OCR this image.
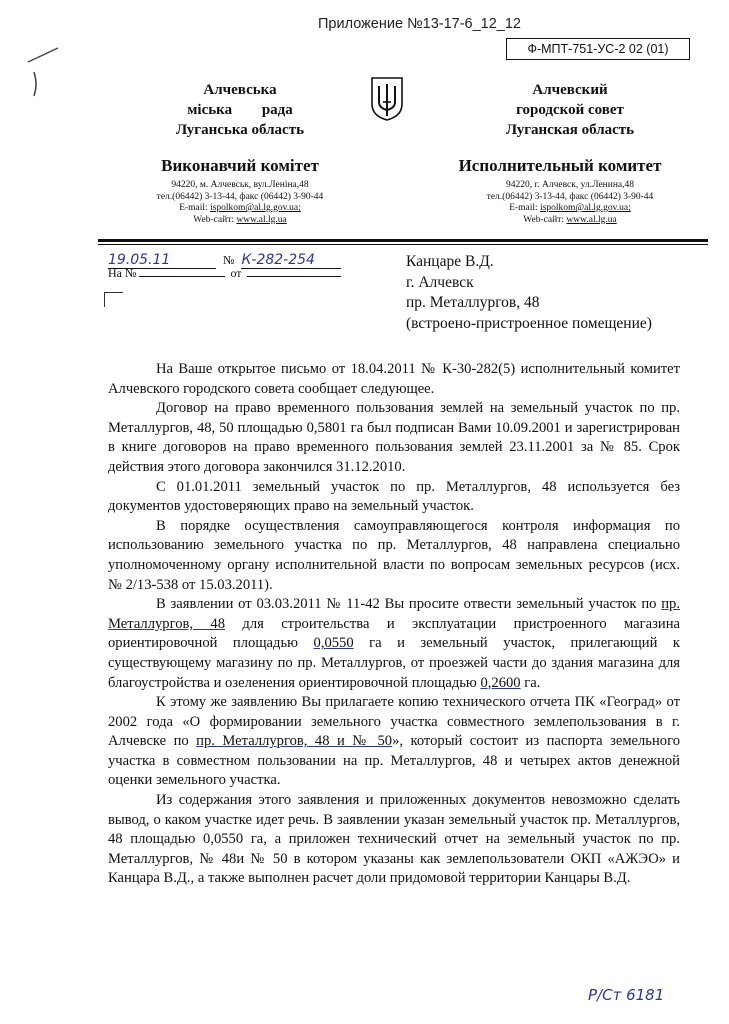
Приложение №13-17-6_12_12
Ф-МПТ-751-УС-2 02 (01)
Алчевська
міська рада
Луганська область
Алчевский
городской совет
Луганская область
Виконавчий комітет	Исполнительный комитет
94220, м. Алчевськ, вул.Леніна,48
тел.(06442) 3-13-44, факс (06442) 3-90-44
E-mail: ispolkom@al.lg.gov.ua;
Web-сайт: www.al.lg.ua
94220, г. Алчевск, ул.Ленина,48
тел.(06442) 3-13-44, факс (06442) 3-90-44
E-mail: ispolkom@al.lg.gov.ua;
Web-сайт: www.al.lg.ua
19.05.11	№ К-282-254
На №	от
Канцаре В.Д.
г. Алчевск
пр. Металлургов, 48
(встроено-пристроенное помещение)

На Ваше открытое письмо от 18.04.2011 № К-30-282(5) исполнительный комитет Алчевского городского совета сообщает следующее.

Договор на право временного пользования землей на земельный участок по пр. Металлургов, 48, 50 площадью 0,5801 га был подписан Вами 10.09.2001 и зарегистрирован в книге договоров на право временного пользования землей 23.11.2001 за № 85. Срок действия этого договора закончился 31.12.2010.

С 01.01.2011 земельный участок по пр. Металлургов, 48 используется без документов удостоверяющих право на земельный участок.

В порядке осуществления самоуправляющегося контроля информация по использованию земельного участка по пр. Металлургов, 48 направлена специально уполномоченному органу исполнительной власти по вопросам земельных ресурсов (исх. № 2/13-538 от 15.03.2011).

В заявлении от 03.03.2011 № 11-42 Вы просите отвести земельный участок по пр. Металлургов, 48 для строительства и эксплуатации пристроенного магазина ориентировочной площадью 0,0550 га и земельный участок, прилегающий к существующему магазину по пр. Металлургов, от проезжей части до здания магазина для благоустройства и озеленения ориентировочной площадью 0,2600 га.

К этому же заявлению Вы прилагаете копию технического отчета ПК «Геоград» от 2002 года «О формировании земельного участка совместного землепользования в г. Алчевске по пр. Металлургов, 48 и № 50», который состоит из паспорта земельного участка в совместном пользовании на пр. Металлургов, 48 и четырех актов денежной оценки земельного участка.

Из содержания этого заявления и приложенных документов невозможно сделать вывод, о каком участке идет речь. В заявлении указан земельный участок пр. Металлургов, 48 площадью 0,0550 га, а приложен технический отчет на земельный участок по пр. Металлургов, № 48и № 50 в котором указаны как землепользователи ОКП «АЖЭО» и Канцара В.Д., а также выполнен расчет доли придомовой территории Канцары В.Д.

Р/Ст 6181
